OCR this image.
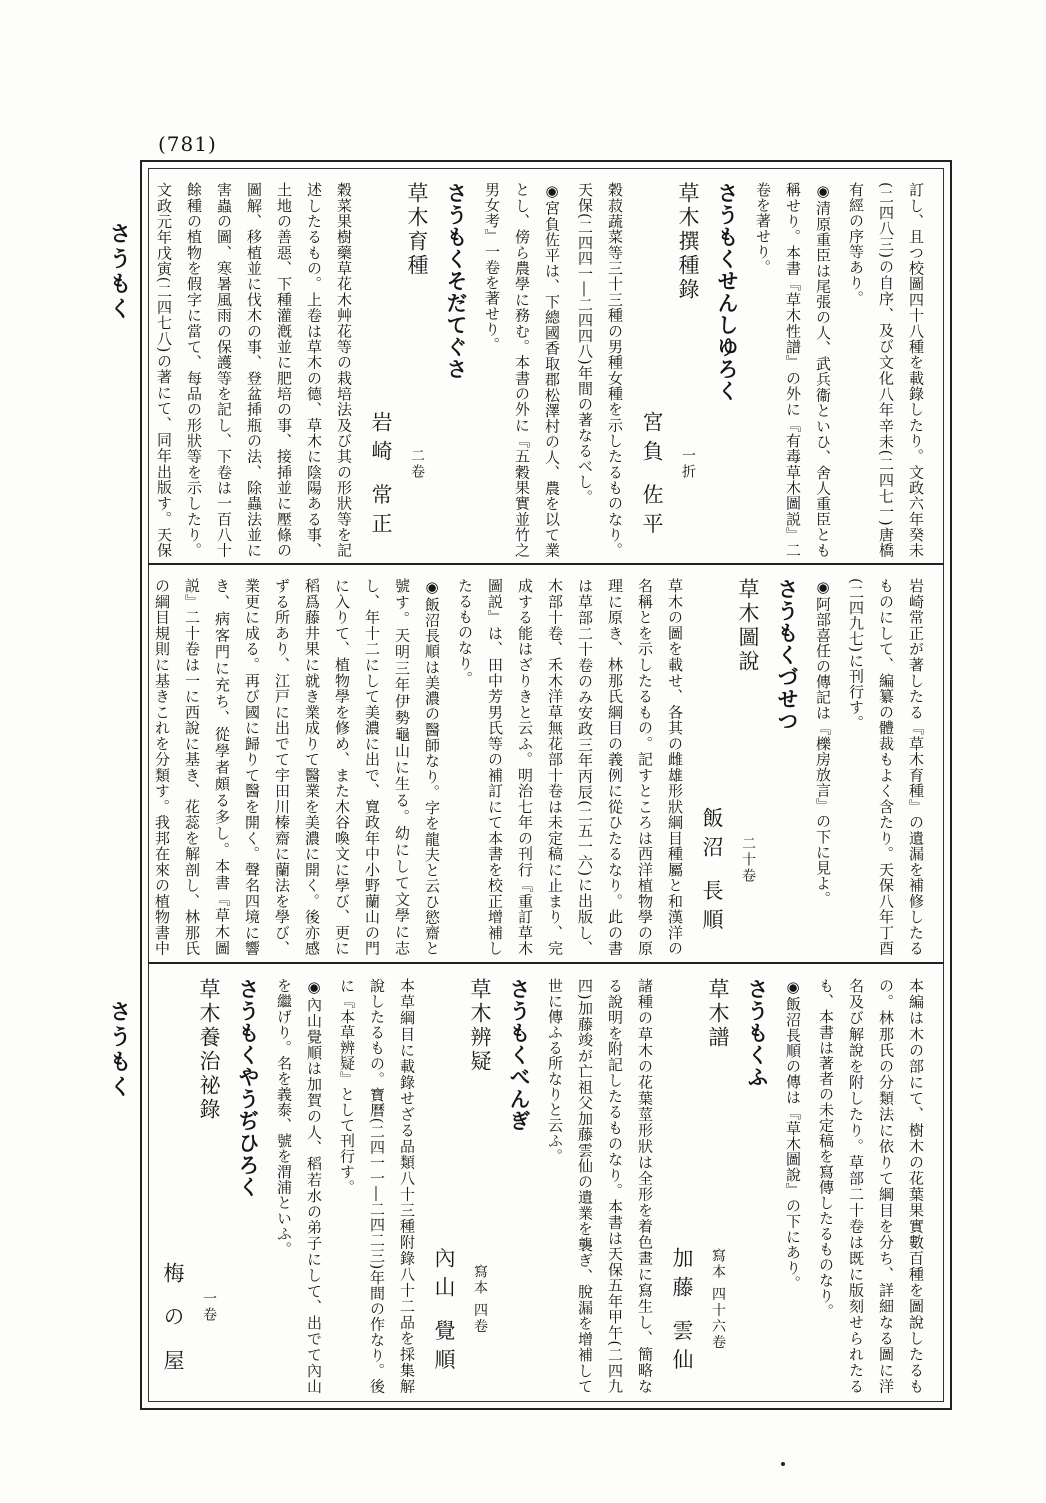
(781)
さうもく
さうもく

訂し、且つ校圖四十八種を載錄したり。文政六年癸未(二四八三)の自序、及び文化八年辛未(二四七一)唐橋有經の序等あり。

◉清原重臣は尾張の人、武兵衞といひ、舍人重臣とも稱せり。本書『草木性譜』の外に『有毒草木圖説』二卷を著せり。

さうもくせんしゆろく
草木撰種錄
一折
宮負 佐平

穀菽蔬菜等三十三種の男種女種を示したるものなり。天保(二四四一―二四四八)年間の著なるべし。

◉宮負佐平は、下總國香取郡松澤村の人、農を以て業とし、傍ら農學に務む。本書の外に『五穀果實並竹之男女考』一卷を著せり。

さうもくそだてぐさ
草木育種
二卷
岩崎 常正

穀菜果樹藥草花木艸花等の栽培法及び其の形狀等を記述したるもの。上卷は草木の德、草木に陰陽ある事、土地の善惡、下種灌漑並に肥培の事、接揷並に壓條の圖解、移植並に伐木の事、登盆揷瓶の法、除蟲法並に害蟲の圖、寒暑風雨の保護等を記し、下卷は一百八十餘種の植物を假字に當て、每品の形狀等を示したり。文政元年戊寅(二四七八)の著にて、同年出版す。天保

岩崎常正が著したる『草木育種』の遺漏を補修したるものにして、編纂の體裁もよく含たり。天保八年丁酉(二四九七)に刊行す。

◉阿部喜任の傳記は『櫟房放言』の下に見よ。

さうもくづせつ
草木圖說
二十卷
飯沼 長順

草木の圖を載せ、各其の雌雄形狀綱目種屬と和漢洋の名稱とを示したるもの。記すところは西洋植物學の原理に原き、林那氏綱目の義例に從ひたるなり。此の書は草部二十卷のみ安政三年丙辰(二五一六)に出版し、木部十卷、禾木洋草無花部十卷は未定稿に止まり、完成する能はざりきと云ふ。明治七年の刊行『重訂草木圖説』は、田中芳男氏等の補訂にて本書を校正增補したるものなり。

◉飯沼長順は美濃の醫師なり。字を龍夫と云ひ慾齋と號す。天明三年伊勢龜山に生る。幼にして文學に志し、年十二にして美濃に出で、寬政年中小野蘭山の門に入りて、植物學を修め、また木谷喚文に學び、更に稻爲藤井果に就き業成りて醫業を美濃に開く。後亦感ずる所あり、江戸に出でて宇田川榛齋に蘭法を學び、業更に成る。再び國に歸りて醫を開く。聲名四境に響き、病客門に充ち、從學者頗る多し。本書『草木圖説』二十卷は一に西說に基き、花蕊を解剖し、林那氏の綱目規則に基きこれを分類す。我邦在來の植物書中

本編は木の部にて、樹木の花葉果實數百種を圖說したるもの。林那氏の分類法に依りて綱目を分ち、詳細なる圖に洋名及び解說を附したり。草部二十卷は既に版刻せられたるも、本書は著者の未定稿を寫傳したるものなり。

◉飯沼長順の傳は『草木圖說』の下にあり。

さうもくふ
草木譜
寫本 四十六卷
加藤 雲仙

諸種の草木の花葉莖形狀は全形を着色畫に寫生し、簡略なる說明を附記したるものなり。本書は天保五年甲午(二四九四)加藤竣が亡祖父加藤雲仙の遺業を襲ぎ、脫漏を增補して世に傳ふる所なりと云ふ。

さうもくべんぎ
草木辨疑
寫本 四卷
內山 覺順

本草綱目に載錄せざる品類八十三種附錄八十二品を採集解說したるもの。寶曆(二四一一―二四二三)年間の作なり。後に『本草辨疑』として刊行す。

◉內山覺順は加賀の人、稻若水の弟子にして、出でて內山を繼げり。名を義泰、號を渭浦といふ。

さうもくやうぢひろく
草木養治祕錄
一卷
梅 の 屋
